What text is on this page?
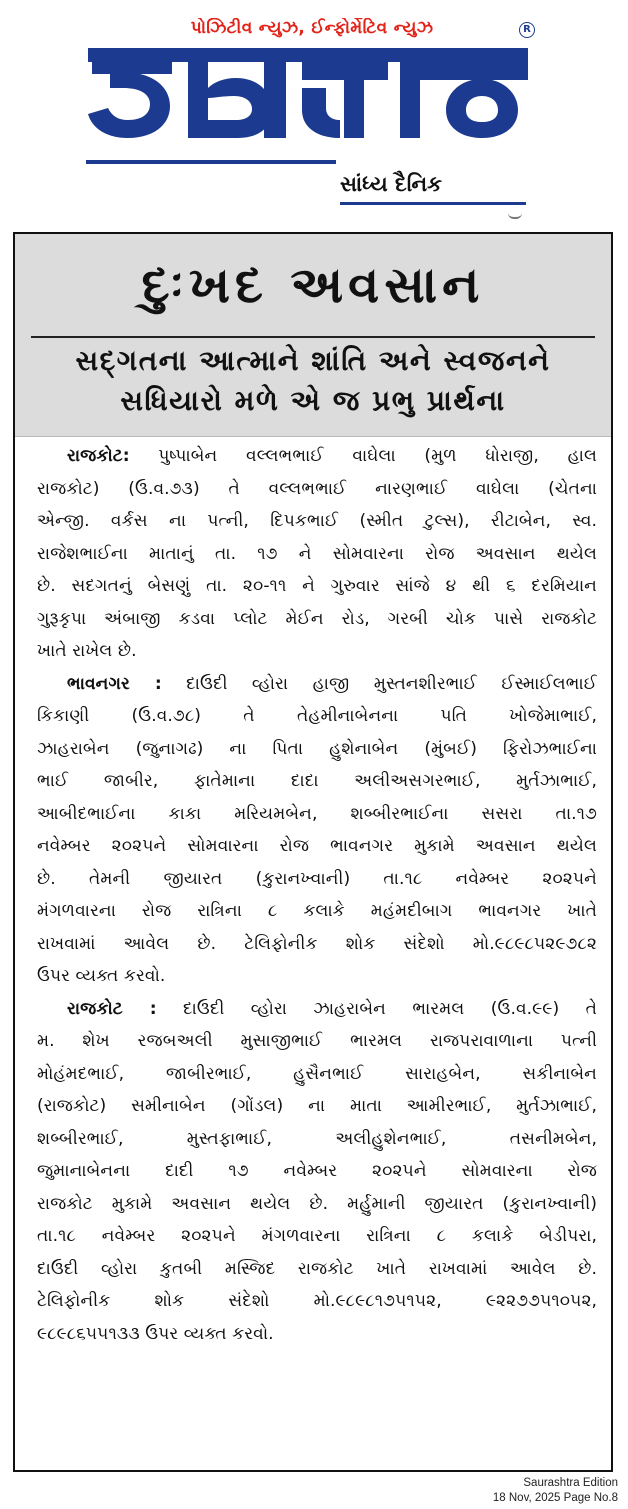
પોઝિટીવ ન્યુઝ, ઈન્ફોર્મેટિવ ન્યુઝ	R
સાંધ્ય દૈનિક
દુઃખદ અવસાન
સદ્ગતના આત્માને શાંતિ અને સ્વજનને
સધિયારો મળે એ જ પ્રભુ પ્રાર્થના
રાજકોટ: પુષ્પાબેન વલ્લભભાઈ વાઘેલા (મુળ ધોરાજી, હાલ
રાજકોટ) (ઉ.વ.૭૩) તે વલ્લભભાઈ નારણભાઈ વાઘેલા (ચેતના
એન્જી. વર્કસ ના પત્ની, દિપકભાઈ (સ્મીત ટુલ્સ), રીટાબેન, સ્વ.
રાજેશભાઈના માતાનું તા. ૧૭ ને સોમવારના રોજ અવસાન થયેલ
છે. સદગતનું બેસણું તા. ૨૦-૧૧ ને ગુરુવાર સાંજે ૪ થી ૬ દરમિયાન
ગુરૂકૃપા અંબાજી કડવા પ્લોટ મેઈન રોડ, ગરબી ચોક પાસે રાજકોટ
ખાતે રાખેલ છે.
ભાવનગર : દાઉદી વ્હોરા હાજી મુસ્તનશીરભાઈ ઈસ્માઈલભાઈ
કિકાણી (ઉ.વ.૭૮) તે તેહમીનાબેનના પતિ ખોજેમાભાઈ,
ઝાહરાબેન (જુનાગઢ) ના પિતા હુશેનાબેન (મુંબઈ) ફિરોઝભાઈના
ભાઈ જાબીર, ફાતેમાના દાદા અલીઅસગરભાઈ, મુર્તઝાભાઈ,
આબીદભાઈના કાકા મરિયમબેન, શબ્બીરભાઈના સસરા તા.૧૭
નવેમ્બર ૨૦૨૫ને સોમવારના રોજ ભાવનગર મુકામે અવસાન થયેલ
છે. તેમની જીયારત (કુરાનખ્વાની) તા.૧૮ નવેમ્બર ૨૦૨૫ને
મંગળવારના રોજ રાત્રિના ૮ કલાકે મહંમદીબાગ ભાવનગર ખાતે
રાખવામાં આવેલ છે. ટેલિફોનીક શોક સંદેશો મો.૯૮૯૮૫૨૯૭૮૨
ઉપર વ્યક્ત કરવો.
રાજકોટ : દાઉદી વ્હોરા ઝાહરાબેન ભારમલ (ઉ.વ.૯૯) તે
મ. શેખ રજબઅલી મુસાજીભાઈ ભારમલ રાજપરાવાળાના પત્ની
મોહંમદભાઈ, જાબીરભાઈ, હુસૈનભાઈ સારાહબેન, સકીનાબેન
(રાજકોટ) સમીનાબેન (ગોંડલ) ના માતા આમીરભાઈ, મુર્તઝાભાઈ,
શબ્બીરભાઈ, મુસ્તફાભાઈ, અલીહુશેનભાઈ, તસનીમબેન,
જુમાનાબેનના દાદી ૧૭ નવેમ્બર ૨૦૨૫ને સોમવારના રોજ
રાજકોટ મુકામે અવસાન થયેલ છે. મર્હુમાની જીયારત (કુરાનખ્વાની)
તા.૧૮ નવેમ્બર ૨૦૨૫ને મંગળવારના રાત્રિના ૮ કલાકે બેડીપરા,
દાઉદી વ્હોરા કુતબી મસ્જિદ રાજકોટ ખાતે રાખવામાં આવેલ છે.
ટેલિફોનીક શોક સંદેશો મો.૯૮૯૮૧૭૫૧૫૨, ૯૨૨૭૭૫૧૦૫૨,
૯૮૯૮૬૫૫૧૩૩ ઉપર વ્યક્ત કરવો.
Saurashtra Edition
18 Nov, 2025 Page No.8
